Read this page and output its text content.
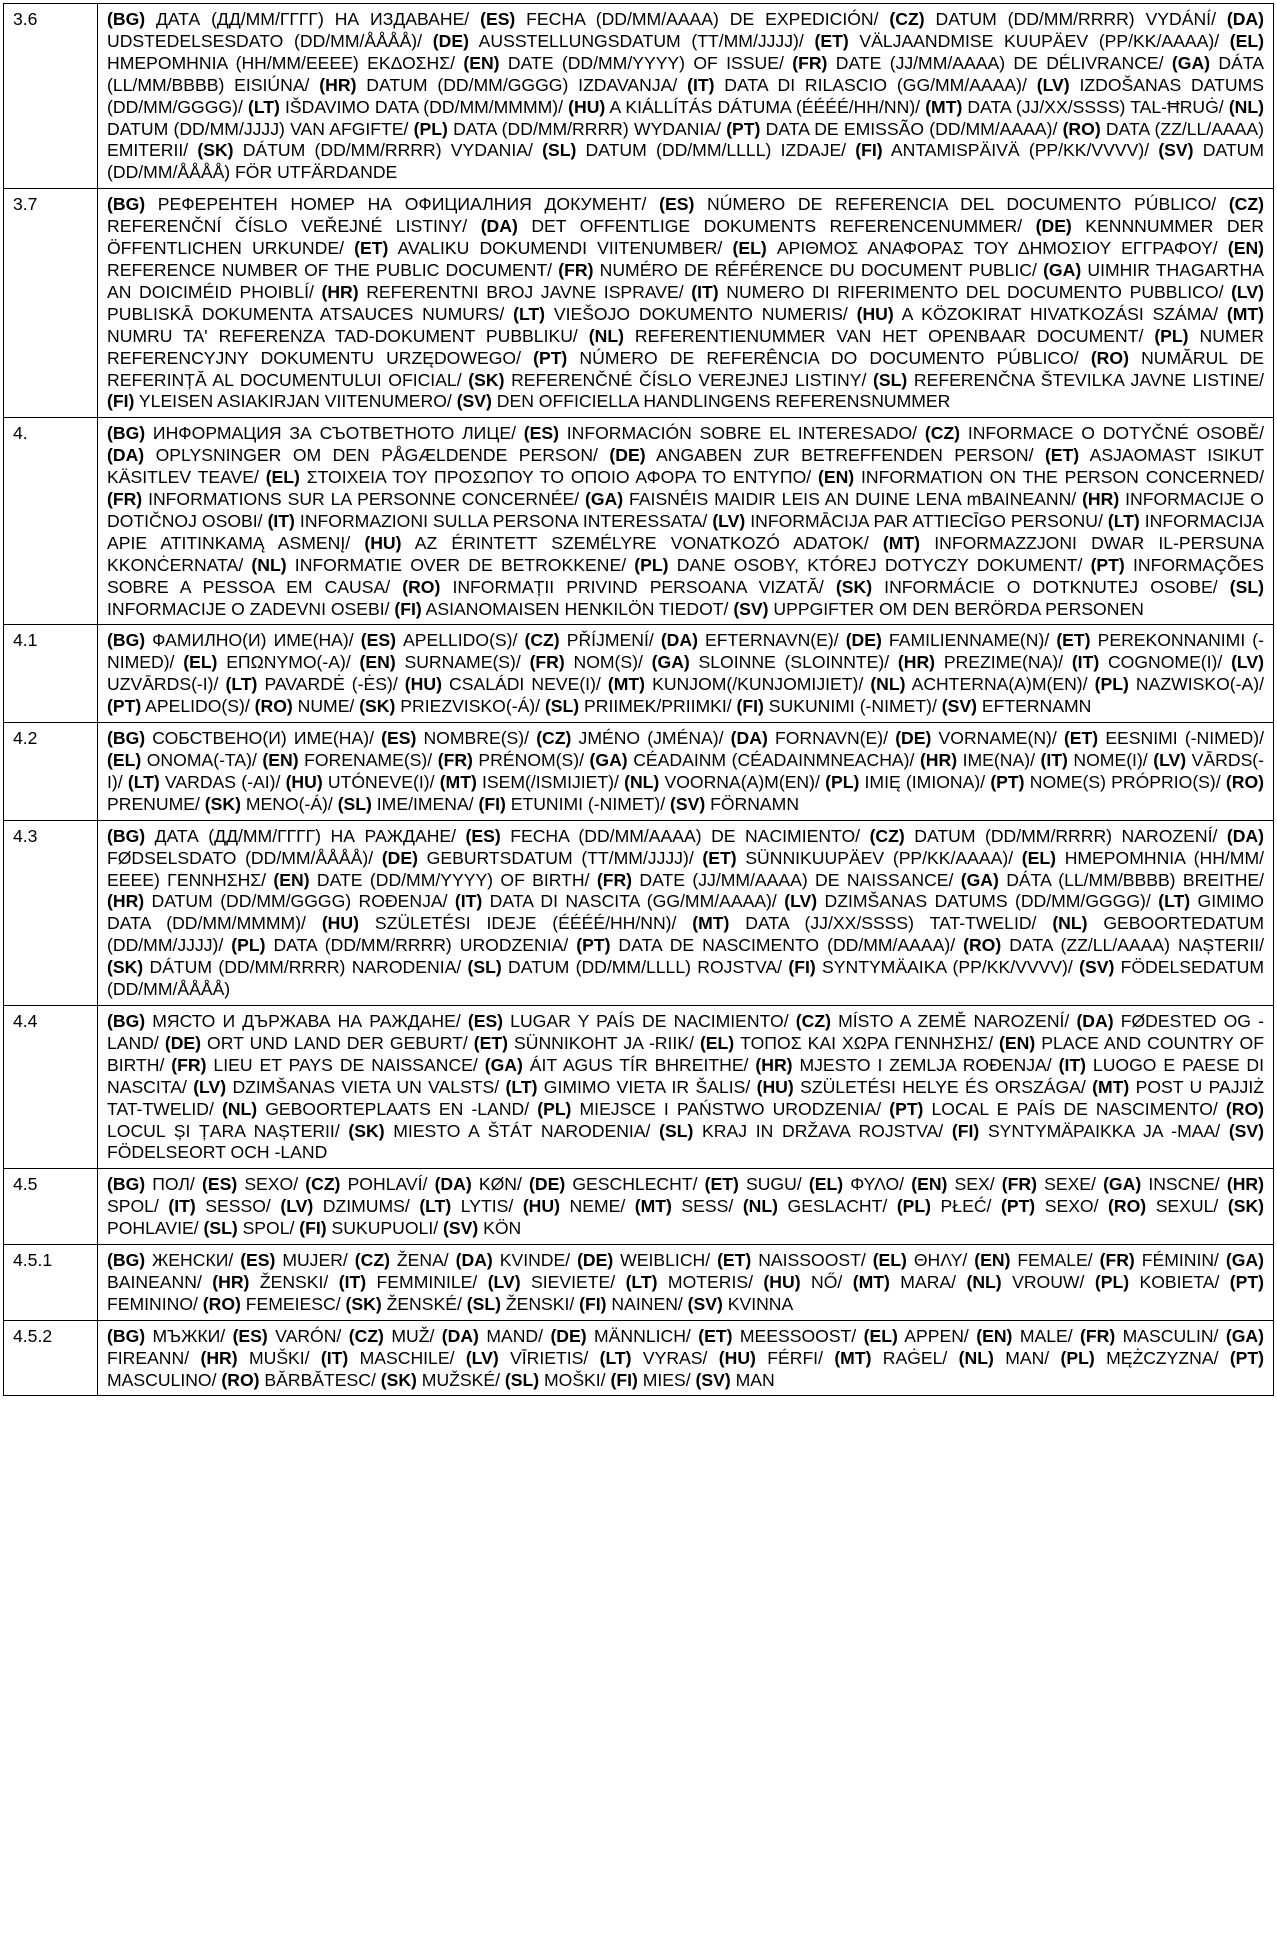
3.6	(BG) ДАТА (ДД/ММ/ГГГГ) НА ИЗДАВАНЕ/ (ES) FECHA (DD/MM/AAAA) DE EXPEDICIÓN/ (CZ) DATUM (DD/MM/RRRR) VYDÁNÍ/ (DA) UDSTEDELSESDATO (DD/MM/ÅÅÅÅ)/ (DE) AUSSTELLUNGSDATUM (TT/MM/JJJJ)/ (ET) VÄLJAANDMISE KUUPÄEV (PP/KK/AAAA)/ (EL) ΗΜΕΡΟΜΗΝΙΑ (ΗΗ/ΜΜ/ΕΕΕΕ) ΕΚΔΟΣΗΣ/ (EN) DATE (DD/MM/YYYY) OF ISSUE/ (FR) DATE (JJ/MM/AAAA) DE DÉLIVRANCE/ (GA) DÁTA (LL/MM/BBBB) EISIÚNA/ (HR) DATUM (DD/MM/GGGG) IZDAVANJA/ (IT) DATA DI RILASCIO (GG/MM/AAAA)/ (LV) IZDOŠANAS DATUMS (DD/MM/GGGG)/ (LT) IŠDAVIMO DATA (DD/MM/MMMM)/ (HU) A KIÁLLÍTÁS DÁTUMA (ÉÉÉÉ/HH/NN)/ (MT) DATA (JJ/XX/SSSS) TAL-ĦRUĠ/ (NL) DATUM (DD/MM/JJJJ) VAN AFGIFTE/ (PL) DATA (DD/MM/RRRR) WYDANIA/ (PT) DATA DE EMISSÃO (DD/MM/AAAA)/ (RO) DATA (ZZ/LL/AAAA) EMITERII/ (SK) DÁTUM (DD/MM/RRRR) VYDANIA/ (SL) DATUM (DD/MM/LLLL) IZDAJE/ (FI) ANTAMISPÄIVÄ (PP/KK/VVVV)/ (SV) DATUM (DD/MM/ÅÅÅÅ) FÖR UTFÄRDANDE
3.7	(BG) РЕФЕРЕНТЕН НОМЕР НА ОФИЦИАЛНИЯ ДОКУМЕНТ/ (ES) NÚMERO DE REFERENCIA DEL DOCUMENTO PÚBLICO/ (CZ) REFERENČNÍ ČÍSLO VEŘEJNÉ LISTINY/ (DA) DET OFFENTLIGE DOKUMENTS REFERENCENUMMER/ (DE) KENNNUMMER DER ÖFFENTLICHEN URKUNDE/ (ET) AVALIKU DOKUMENDI VIITENUMBER/ (EL) ΑΡΙΘΜΟΣ ΑΝΑΦΟΡΑΣ ΤΟΥ ΔΗΜΟΣΙΟΥ ΕΓΓΡΑΦΟΥ/ (EN) REFERENCE NUMBER OF THE PUBLIC DOCUMENT/ (FR) NUMÉRO DE RÉFÉRENCE DU DOCUMENT PUBLIC/ (GA) UIMHIR THAGARTHA AN DOICIMÉID PHOIBLÍ/ (HR) REFERENTNI BROJ JAVNE ISPRAVE/ (IT) NUMERO DI RIFERIMENTO DEL DOCUMENTO PUBBLICO/ (LV) PUBLISKĀ DOKUMENTA ATSAUCES NUMURS/ (LT) VIEŠOJO DOKUMENTO NUMERIS/ (HU) A KÖZOKIRAT HIVATKOZÁSI SZÁMA/ (MT) NUMRU TA' REFERENZA TAD-DOKUMENT PUBBLIKU/ (NL) REFERENTIENUMMER VAN HET OPENBAAR DOCUMENT/ (PL) NUMER REFERENCYJNY DOKUMENTU URZĘDOWEGO/ (PT) NÚMERO DE REFERÊNCIA DO DOCUMENTO PÚBLICO/ (RO) NUMĂRUL DE REFERINȚĂ AL DOCUMENTULUI OFICIAL/ (SK) REFERENČNÉ ČÍSLO VEREJNEJ LISTINY/ (SL) REFERENČNA ŠTEVILKA JAVNE LISTINE/ (FI) YLEISEN ASIAKIRJAN VIITENUMERO/ (SV) DEN OFFICIELLA HANDLINGENS REFERENSNUMMER
4.	(BG) ИНФОРМАЦИЯ ЗА СЪОТВЕТНОТО ЛИЦЕ/ (ES) INFORMACIÓN SOBRE EL INTERESADO/ (CZ) INFORMACE O DOTYČNÉ OSOBĚ/ (DA) OPLYSNINGER OM DEN PÅGÆLDENDE PERSON/ (DE) ANGABEN ZUR BETREFFENDEN PERSON/ (ET) ASJAOMAST ISIKUT KÄSITLEV TEAVE/ (EL) ΣΤΟΙΧΕΙΑ ΤΟΥ ΠΡΟΣΩΠΟΥ ΤΟ ΟΠΟΙΟ ΑΦΟΡΑ ΤΟ ΕΝΤΥΠΟ/ (EN) INFORMATION ON THE PERSON CONCERNED/ (FR) INFORMATIONS SUR LA PERSONNE CONCERNÉE/ (GA) FAISNÉIS MAIDIR LEIS AN DUINE LENA mBAINEANN/ (HR) INFORMACIJE O DOTIČNOJ OSOBI/ (IT) INFORMAZIONI SULLA PERSONA INTERESSATA/ (LV) INFORMĀCIJA PAR ATTIECĪGO PERSONU/ (LT) INFORMACIJA APIE ATITINKAMĄ ASMENĮ/ (HU) AZ ÉRINTETT SZEMÉLYRE VONATKOZÓ ADATOK/ (MT) INFORMAZZJONI DWAR IL-PERSUNA KKONĊERNATA/ (NL) INFORMATIE OVER DE BETROKKENE/ (PL) DANE OSOBY, KTÓREJ DOTYCZY DOKUMENT/ (PT) INFORMAÇÕES SOBRE A PESSOA EM CAUSA/ (RO) INFORMAȚII PRIVIND PERSOANA VIZATĂ/ (SK) INFORMÁCIE O DOTKNUTEJ OSOBE/ (SL) INFORMACIJE O ZADEVNI OSEBI/ (FI) ASIANOMAISEN HENKILÖN TIEDOT/ (SV) UPPGIFTER OM DEN BERÖRDA PERSONEN
4.1	(BG) ФАМИЛНО(И) ИМЕ(НА)/ (ES) APELLIDO(S)/ (CZ) PŘÍJMENÍ/ (DA) EFTERNAVN(E)/ (DE) FAMILIENNAME(N)/ (ET) PEREKONNANIMI (-NIMED)/ (EL) ΕΠΩΝΥΜΟ(-Α)/ (EN) SURNAME(S)/ (FR) NOM(S)/ (GA) SLOINNE (SLOINNTE)/ (HR) PREZIME(NA)/ (IT) COGNOME(I)/ (LV) UZVĀRDS(-I)/ (LT) PAVARDĖ (-ĖS)/ (HU) CSALÁDI NEVE(I)/ (MT) KUNJOM(/KUNJOMIJIET)/ (NL) ACHTERNA(A)M(EN)/ (PL) NAZWISKO(-A)/ (PT) APELIDO(S)/ (RO) NUME/ (SK) PRIEZVISKO(-Á)/ (SL) PRIIMEK/PRIIMKI/ (FI) SUKUNIMI (-NIMET)/ (SV) EFTERNAMN
4.2	(BG) СОБСТВЕНО(И) ИМЕ(НА)/ (ES) NOMBRE(S)/ (CZ) JMÉNO (JMÉNA)/ (DA) FORNAVN(E)/ (DE) VORNAME(N)/ (ET) EESNIMI (-NIMED)/ (EL) ONOMA(-TA)/ (EN) FORENAME(S)/ (FR) PRÉNOM(S)/ (GA) CÉADAINM (CÉADAINMNEACHA)/ (HR) IME(NA)/ (IT) NOME(I)/ (LV) VĀRDS(-I)/ (LT) VARDAS (-AI)/ (HU) UTÓNEVE(I)/ (MT) ISEM(/ISMIJIET)/ (NL) VOORNA(A)M(EN)/ (PL) IMIĘ (IMIONA)/ (PT) NOME(S) PRÓPRIO(S)/ (RO) PRENUME/ (SK) MENO(-Á)/ (SL) IME/IMENA/ (FI) ETUNIMI (-NIMET)/ (SV) FÖRNAMN
4.3	(BG) ДАТА (ДД/ММ/ГГГГ) НА РАЖДАНЕ/ (ES) FECHA (DD/MM/AAAA) DE NACIMIENTO/ (CZ) DATUM (DD/MM/RRRR) NAROZENÍ/ (DA) FØDSELSDATO (DD/MM/ÅÅÅÅ)/ (DE) GEBURTSDATUM (TT/MM/JJJJ)/ (ET) SÜNNIKUUPÄEV (PP/KK/AAAA)/ (EL) ΗΜΕΡΟΜΗΝΙΑ (ΗΗ/ΜΜ/ΕΕΕΕ) ΓΕΝΝΗΣΗΣ/ (EN) DATE (DD/MM/YYYY) OF BIRTH/ (FR) DATE (JJ/MM/AAAA) DE NAISSANCE/ (GA) DÁTA (LL/MM/BBBB) BREITHE/ (HR) DATUM (DD/MM/GGGG) ROĐENJA/ (IT) DATA DI NASCITA (GG/MM/AAAA)/ (LV) DZIMŠANAS DATUMS (DD/MM/GGGG)/ (LT) GIMIMO DATA (DD/MM/MMMM)/ (HU) SZÜLETÉSI IDEJE (ÉÉÉÉ/HH/NN)/ (MT) DATA (JJ/XX/SSSS) TAT-TWELID/ (NL) GEBOORTEDATUM (DD/MM/JJJJ)/ (PL) DATA (DD/MM/RRRR) URODZENIA/ (PT) DATA DE NASCIMENTO (DD/MM/AAAA)/ (RO) DATA (ZZ/LL/AAAA) NAȘTERII/ (SK) DÁTUM (DD/MM/RRRR) NARODENIA/ (SL) DATUM (DD/MM/LLLL) ROJSTVA/ (FI) SYNTYMÄAIKA (PP/KK/VVVV)/ (SV) FÖDELSEDATUM (DD/MM/ÅÅÅÅ)
4.4	(BG) МЯСТО И ДЪРЖАВА НА РАЖДАНЕ/ (ES) LUGAR Y PAÍS DE NACIMIENTO/ (CZ) MÍSTO A ZEMĚ NAROZENÍ/ (DA) FØDESTED OG -LAND/ (DE) ORT UND LAND DER GEBURT/ (ET) SÜNNIKOHT JA -RIIK/ (EL) ΤΟΠΟΣ ΚΑΙ ΧΩΡΑ ΓΕΝΝΗΣΗΣ/ (EN) PLACE AND COUNTRY OF BIRTH/ (FR) LIEU ET PAYS DE NAISSANCE/ (GA) ÁIT AGUS TÍR BHREITHE/ (HR) MJESTO I ZEMLJA ROĐENJA/ (IT) LUOGO E PAESE DI NASCITA/ (LV) DZIMŠANAS VIETA UN VALSTS/ (LT) GIMIMO VIETA IR ŠALIS/ (HU) SZÜLETÉSI HELYE ÉS ORSZÁGA/ (MT) POST U PAJJIŻ TAT-TWELID/ (NL) GEBOORTEPLAATS EN -LAND/ (PL) MIEJSCE I PAŃSTWO URODZENIA/ (PT) LOCAL E PAÍS DE NASCIMENTO/ (RO) LOCUL ȘI ȚARA NAȘTERII/ (SK) MIESTO A ŠTÁT NARODENIA/ (SL) KRAJ IN DRŽAVA ROJSTVA/ (FI) SYNTYMÄPAIKKA JA -MAA/ (SV) FÖDELSEORT OCH -LAND
4.5	(BG) ПОЛ/ (ES) SEXO/ (CZ) POHLAVÍ/ (DA) KØN/ (DE) GESCHLECHT/ (ET) SUGU/ (EL) ΦΥΛΟ/ (EN) SEX/ (FR) SEXE/ (GA) INSCNE/ (HR) SPOL/ (IT) SESSO/ (LV) DZIMUMS/ (LT) LYTIS/ (HU) NEME/ (MT) SESS/ (NL) GESLACHT/ (PL) PŁEĆ/ (PT) SEXO/ (RO) SEXUL/ (SK) POHLAVIE/ (SL) SPOL/ (FI) SUKUPUOLI/ (SV) KÖN
4.5.1	(BG) ЖЕНСКИ/ (ES) MUJER/ (CZ) ŽENA/ (DA) KVINDE/ (DE) WEIBLICH/ (ET) NAISSOOST/ (EL) ΘΗΛΥ/ (EN) FEMALE/ (FR) FÉMININ/ (GA) BAINEANN/ (HR) ŽENSKI/ (IT) FEMMINILE/ (LV) SIEVIETE/ (LT) MOTERIS/ (HU) NŐ/ (MT) MARA/ (NL) VROUW/ (PL) KOBIETA/ (PT) FEMININO/ (RO) FEMEIESC/ (SK) ŽENSKÉ/ (SL) ŽENSKI/ (FI) NAINEN/ (SV) KVINNA
4.5.2	(BG) МЪЖКИ/ (ES) VARÓN/ (CZ) MUŽ/ (DA) MAND/ (DE) MÄNNLICH/ (ET) MEESSOOST/ (EL) APPEN/ (EN) MALE/ (FR) MASCULIN/ (GA) FIREANN/ (HR) MUŠKI/ (IT) MASCHILE/ (LV) VĪRIETIS/ (LT) VYRAS/ (HU) FÉRFI/ (MT) RAĠEL/ (NL) MAN/ (PL) MĘŻCZYZNA/ (PT) MASCULINO/ (RO) BĂRBĂTESC/ (SK) MUŽSKÉ/ (SL) MOŠKI/ (FI) MIES/ (SV) MAN
